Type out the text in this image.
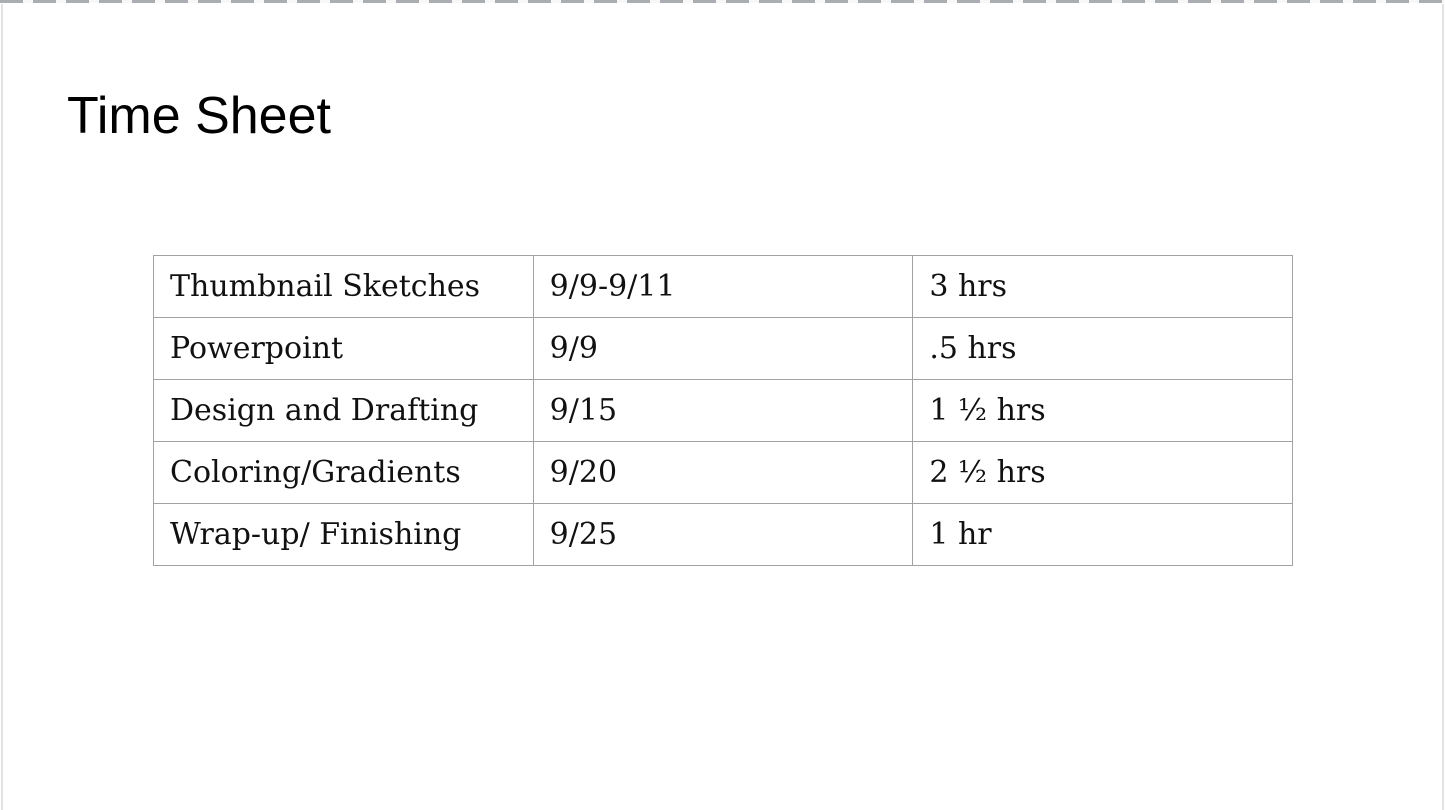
Time Sheet
Thumbnail Sketches	9/9-9/11	3 hrs
Powerpoint	9/9	.5 hrs
Design and Drafting	9/15	1 ½ hrs
Coloring/Gradients	9/20	2 ½ hrs
Wrap-up/ Finishing	9/25	1 hr
